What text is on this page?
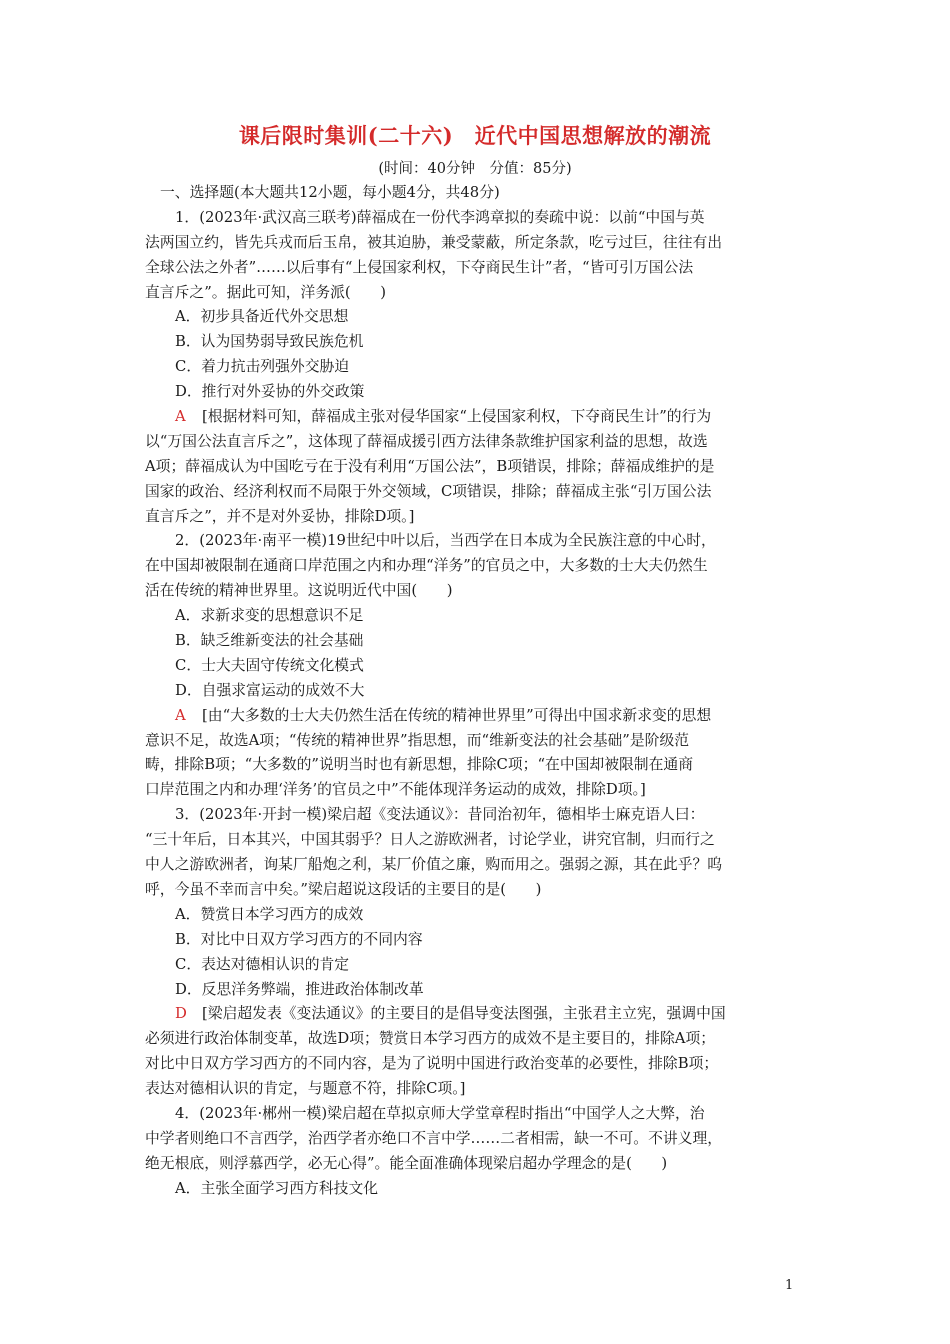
课后限时集训(二十六)　近代中国思想解放的潮流
(时间：40分钟　分值：85分)
一、选择题(本大题共12小题，每小题4分，共48分)
1．(2023年·武汉高三联考)薛福成在一份代李鸿章拟的奏疏中说：以前“中国与英
法两国立约，皆先兵戎而后玉帛，被其迫胁，兼受蒙蔽，所定条款，吃亏过巨，往往有出
全球公法之外者”……以后事有“上侵国家利权，下夺商民生计”者，“皆可引万国公法
直言斥之”。据此可知，洋务派(　　)
A．初步具备近代外交思想
B．认为国势弱导致民族危机
C．着力抗击列强外交胁迫
D．推行对外妥协的外交政策
A [根据材料可知，薛福成主张对侵华国家“上侵国家利权，下夺商民生计”的行为
以“万国公法直言斥之”，这体现了薛福成援引西方法律条款维护国家利益的思想，故选
A项；薛福成认为中国吃亏在于没有利用“万国公法”，B项错误，排除；薛福成维护的是
国家的政治、经济利权而不局限于外交领域，C项错误，排除；薛福成主张“引万国公法
直言斥之”，并不是对外妥协，排除D项。]
2．(2023年·南平一模)19世纪中叶以后，当西学在日本成为全民族注意的中心时，
在中国却被限制在通商口岸范围之内和办理“洋务”的官员之中，大多数的士大夫仍然生
活在传统的精神世界里。这说明近代中国(　　)
A．求新求变的思想意识不足
B．缺乏维新变法的社会基础
C．士大夫固守传统文化模式
D．自强求富运动的成效不大
A [由“大多数的士大夫仍然生活在传统的精神世界里”可得出中国求新求变的思想
意识不足，故选A项；“传统的精神世界”指思想，而“维新变法的社会基础”是阶级范
畴，排除B项；“大多数的”说明当时也有新思想，排除C项；“在中国却被限制在通商
口岸范围之内和办理‘洋务’的官员之中”不能体现洋务运动的成效，排除D项。]
3．(2023年·开封一模)梁启超《变法通议》：昔同治初年，德相毕士麻克语人曰：
“三十年后，日本其兴，中国其弱乎？日人之游欧洲者，讨论学业，讲究官制，归而行之
中人之游欧洲者，询某厂船炮之利，某厂价值之廉，购而用之。强弱之源，其在此乎？呜
呼，今虽不幸而言中矣。”梁启超说这段话的主要目的是(　　)
A．赞赏日本学习西方的成效
B．对比中日双方学习西方的不同内容
C．表达对德相认识的肯定
D．反思洋务弊端，推进政治体制改革
D [梁启超发表《变法通议》的主要目的是倡导变法图强，主张君主立宪，强调中国
必须进行政治体制变革，故选D项；赞赏日本学习西方的成效不是主要目的，排除A项；
对比中日双方学习西方的不同内容，是为了说明中国进行政治变革的必要性，排除B项；
表达对德相认识的肯定，与题意不符，排除C项。]
4．(2023年·郴州一模)梁启超在草拟京师大学堂章程时指出“中国学人之大弊，治
中学者则绝口不言西学，治西学者亦绝口不言中学……二者相需，缺一不可。不讲义理，
绝无根底，则浮慕西学，必无心得”。能全面准确体现梁启超办学理念的是(　　)
A．主张全面学习西方科技文化
1
